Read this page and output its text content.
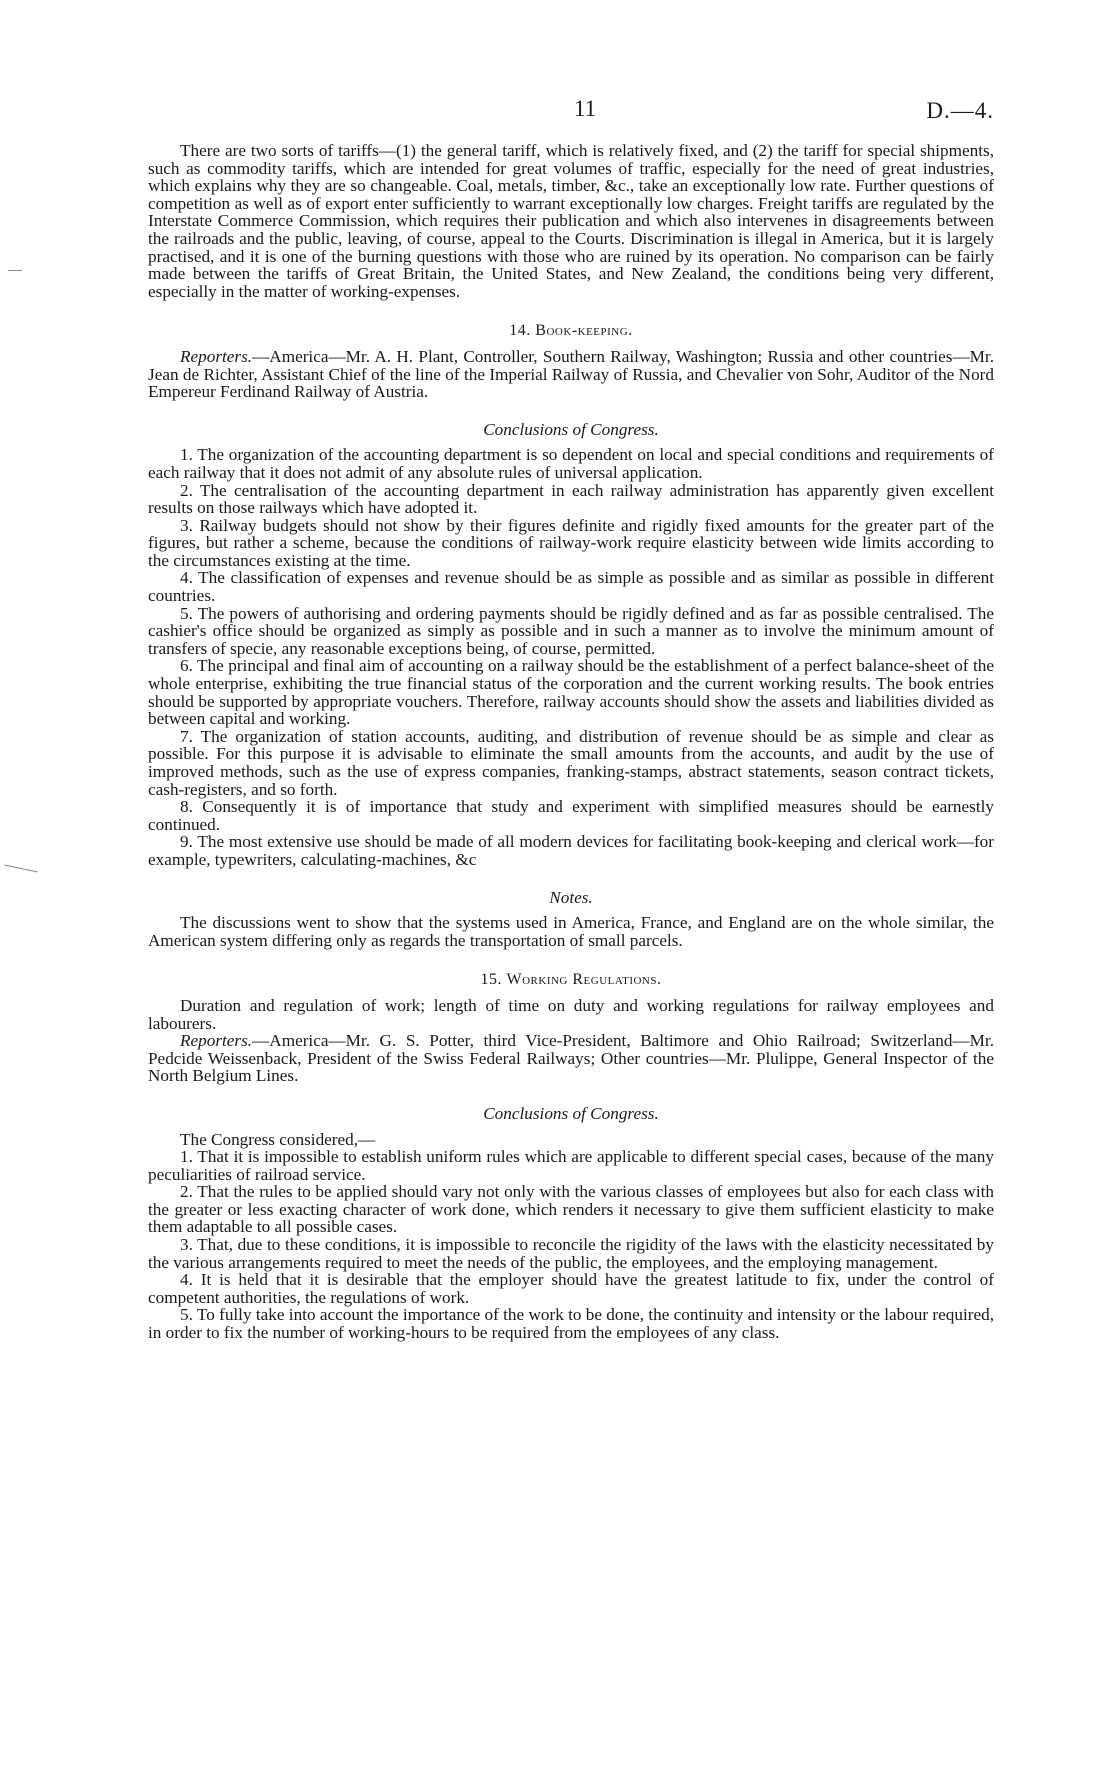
11	D.—4.

There are two sorts of tariffs—(1) the general tariff, which is relatively fixed, and (2) the tariff for special shipments, such as commodity tariffs, which are intended for great volumes of traffic, especially for the need of great industries, which explains why they are so changeable. Coal, metals, timber, &c., take an exceptionally low rate. Further questions of competition as well as of export enter sufficiently to warrant exceptionally low charges. Freight tariffs are regulated by the Interstate Commerce Commission, which requires their publication and which also intervenes in disagreements between the railroads and the public, leaving, of course, appeal to the Courts. Discrimination is illegal in America, but it is largely practised, and it is one of the burning questions with those who are ruined by its operation. No comparison can be fairly made between the tariffs of Great Britain, the United States, and New Zealand, the conditions being very different, especially in the matter of working-expenses.

14. Book-keeping.

Reporters.—America—Mr. A. H. Plant, Controller, Southern Railway, Washington; Russia and other countries—Mr. Jean de Richter, Assistant Chief of the line of the Imperial Railway of Russia, and Chevalier von Sohr, Auditor of the Nord Empereur Ferdinand Railway of Austria.

Conclusions of Congress.

1. The organization of the accounting department is so dependent on local and special conditions and requirements of each railway that it does not admit of any absolute rules of universal application.

2. The centralisation of the accounting department in each railway administration has apparently given excellent results on those railways which have adopted it.

3. Railway budgets should not show by their figures definite and rigidly fixed amounts for the greater part of the figures, but rather a scheme, because the conditions of railway-work require elasticity between wide limits according to the circumstances existing at the time.

4. The classification of expenses and revenue should be as simple as possible and as similar as possible in different countries.

5. The powers of authorising and ordering payments should be rigidly defined and as far as possible centralised. The cashier's office should be organized as simply as possible and in such a manner as to involve the minimum amount of transfers of specie, any reasonable exceptions being, of course, permitted.

6. The principal and final aim of accounting on a railway should be the establishment of a perfect balance-sheet of the whole enterprise, exhibiting the true financial status of the corporation and the current working results. The book entries should be supported by appropriate vouchers. Therefore, railway accounts should show the assets and liabilities divided as between capital and working.

7. The organization of station accounts, auditing, and distribution of revenue should be as simple and clear as possible. For this purpose it is advisable to eliminate the small amounts from the accounts, and audit by the use of improved methods, such as the use of express companies, franking-stamps, abstract statements, season contract tickets, cash-registers, and so forth.

8. Consequently it is of importance that study and experiment with simplified measures should be earnestly continued.

9. The most extensive use should be made of all modern devices for facilitating book-keeping and clerical work—for example, typewriters, calculating-machines, &c

Notes.

The discussions went to show that the systems used in America, France, and England are on the whole similar, the American system differing only as regards the transportation of small parcels.

15. Working Regulations.

Duration and regulation of work; length of time on duty and working regulations for railway employees and labourers.

Reporters.—America—Mr. G. S. Potter, third Vice-President, Baltimore and Ohio Railroad; Switzerland—Mr. Pedcide Weissenback, President of the Swiss Federal Railways; Other countries—Mr. Plulippe, General Inspector of the North Belgium Lines.

Conclusions of Congress.

The Congress considered,—

1. That it is impossible to establish uniform rules which are applicable to different special cases, because of the many peculiarities of railroad service.

2. That the rules to be applied should vary not only with the various classes of employees but also for each class with the greater or less exacting character of work done, which renders it necessary to give them sufficient elasticity to make them adaptable to all possible cases.

3. That, due to these conditions, it is impossible to reconcile the rigidity of the laws with the elasticity necessitated by the various arrangements required to meet the needs of the public, the employees, and the employing management.

4. It is held that it is desirable that the employer should have the greatest latitude to fix, under the control of competent authorities, the regulations of work.

5. To fully take into account the importance of the work to be done, the continuity and intensity or the labour required, in order to fix the number of working-hours to be required from the employees of any class.
